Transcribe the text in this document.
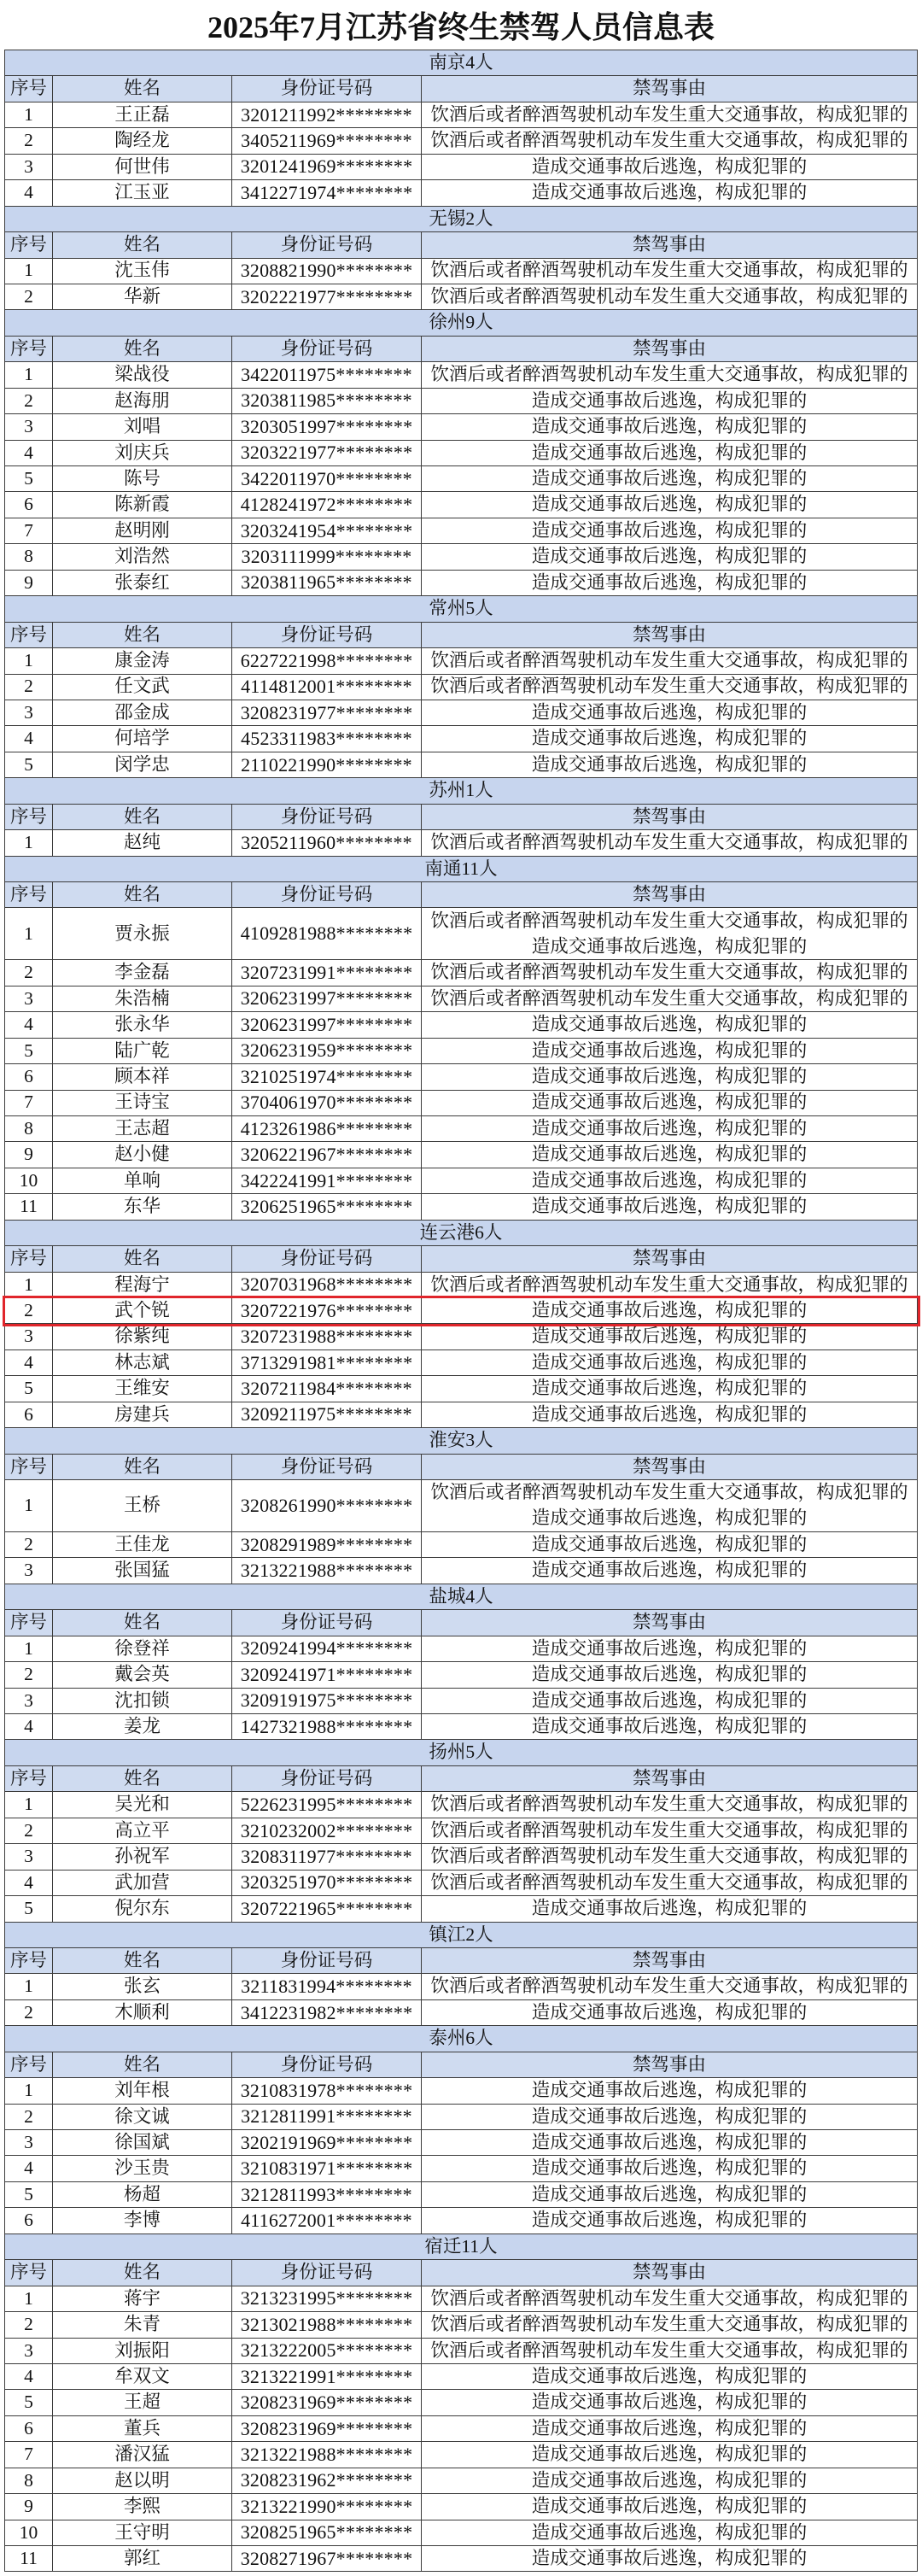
2025年7月江苏省终生禁驾人员信息表
南京4人
序号	姓名	身份证号码	禁驾事由
1	王正磊	3201211992********	饮酒后或者醉酒驾驶机动车发生重大交通事故，构成犯罪的
2	陶经龙	3405211969********	饮酒后或者醉酒驾驶机动车发生重大交通事故，构成犯罪的
3	何世伟	3201241969********	造成交通事故后逃逸，构成犯罪的
4	江玉亚	3412271974********	造成交通事故后逃逸，构成犯罪的
无锡2人
序号	姓名	身份证号码	禁驾事由
1	沈玉伟	3208821990******** 饮酒后或者醉酒驾驶机动车发生重大交通事故，构成犯罪的
2	华新	3202221977******** 饮酒后或者醉酒驾驶机动车发生重大交通事故，构成犯罪的
徐州9人
序号	姓名	身份证号码	禁驾事由
1	梁战役	3422011975********	饮酒后或者醉酒驾驶机动车发生重大交通事故，构成犯罪的
2	赵海朋	3203811985********	造成交通事故后逃逸，构成犯罪的
3	刘唱	3203051997********	造成交通事故后逃逸，构成犯罪的
4	刘庆兵	3203221977********	造成交通事故后逃逸，构成犯罪的
5	陈号	3422011970********	造成交通事故后逃逸，构成犯罪的
6	陈新霞	4128241972********	造成交通事故后逃逸，构成犯罪的
7	赵明刚	3203241954********	造成交通事故后逃逸，构成犯罪的
8	刘浩然	3203111999********	造成交通事故后逃逸，构成犯罪的
9	张泰红	3203811965********	造成交通事故后逃逸，构成犯罪的
常州5人
序号	姓名	身份证号码	禁驾事由
1	康金涛	6227221998******** 饮酒后或者醉酒驾驶机动车发生重大交通事故，构成犯罪的
2	任文武	4114812001********	饮酒后或者醉酒驾驶机动车发生重大交通事故，构成犯罪的
3	邵金成	3208231977********	造成交通事故后逃逸，构成犯罪的
4	何培学	4523311983********	造成交通事故后逃逸，构成犯罪的
5	闵学忠	2110221990********	造成交通事故后逃逸，构成犯罪的
苏州1人
序号	姓名	身份证号码	禁驾事由
1	赵纯	3205211960********	饮酒后或者醉酒驾驶机动车发生重大交通事故，构成犯罪的
南通11人
序号	姓名	身份证号码	禁驾事由
1	贾永振	4109281988********
饮酒后或者醉酒驾驶机动车发生重大交通事故，构成犯罪的
造成交通事故后逃逸，构成犯罪的
2	李金磊	3207231991******** 饮酒后或者醉酒驾驶机动车发生重大交通事故，构成犯罪的
3	朱浩楠	3206231997******** 饮酒后或者醉酒驾驶机动车发生重大交通事故，构成犯罪的
4	张永华	3206231997********	造成交通事故后逃逸，构成犯罪的
5	陆广乾	3206231959********	造成交通事故后逃逸，构成犯罪的
6	顾本祥	3210251974********	造成交通事故后逃逸，构成犯罪的
7	王诗宝	3704061970********	造成交通事故后逃逸，构成犯罪的
8	王志超	4123261986********	造成交通事故后逃逸，构成犯罪的
9	赵小健	3206221967********	造成交通事故后逃逸，构成犯罪的
10	单响	3422241991********	造成交通事故后逃逸，构成犯罪的
11	东华	3206251965********	造成交通事故后逃逸，构成犯罪的
连云港6人
序号	姓名	身份证号码	禁驾事由
1	程海宁	3207031968******** 饮酒后或者醉酒驾驶机动车发生重大交通事故，构成犯罪的
2	武个锐	3207221976********	造成交通事故后逃逸，构成犯罪的
3	徐紫纯	3207231988********	造成交通事故后逃逸，构成犯罪的
4	林志斌	3713291981********	造成交通事故后逃逸，构成犯罪的
5	王维安	3207211984********	造成交通事故后逃逸，构成犯罪的
6	房建兵	3209211975********	造成交通事故后逃逸，构成犯罪的
淮安3人
序号	姓名	身份证号码	禁驾事由
1	王桥	3208261990********
饮酒后或者醉酒驾驶机动车发生重大交通事故，构成犯罪的
造成交通事故后逃逸，构成犯罪的
2	王佳龙	3208291989********	造成交通事故后逃逸，构成犯罪的
3	张国猛	3213221988********	造成交通事故后逃逸，构成犯罪的
盐城4人
序号	姓名	身份证号码	禁驾事由
1	徐登祥	3209241994********	造成交通事故后逃逸，构成犯罪的
2	戴会英	3209241971********	造成交通事故后逃逸，构成犯罪的
3	沈扣锁	3209191975********	造成交通事故后逃逸，构成犯罪的
4	姜龙	1427321988********	造成交通事故后逃逸，构成犯罪的
扬州5人
序号	姓名	身份证号码	禁驾事由
1	吴光和	5226231995******** 饮酒后或者醉酒驾驶机动车发生重大交通事故，构成犯罪的
2	高立平	3210232002******** 饮酒后或者醉酒驾驶机动车发生重大交通事故，构成犯罪的
3	孙祝军	3208311977********	饮酒后或者醉酒驾驶机动车发生重大交通事故，构成犯罪的
4	武加营	3203251970******** 饮酒后或者醉酒驾驶机动车发生重大交通事故，构成犯罪的
5	倪尔东	3207221965********	造成交通事故后逃逸，构成犯罪的
镇江2人
序号	姓名	身份证号码	禁驾事由
1	张玄	3211831994********	饮酒后或者醉酒驾驶机动车发生重大交通事故，构成犯罪的
2	木顺利	3412231982********	造成交通事故后逃逸，构成犯罪的
泰州6人
序号	姓名	身份证号码	禁驾事由
1	刘年根	3210831978********	造成交通事故后逃逸，构成犯罪的
2	徐文诚	3212811991********	造成交通事故后逃逸，构成犯罪的
3	徐国斌	3202191969********	造成交通事故后逃逸，构成犯罪的
4	沙玉贵	3210831971********	造成交通事故后逃逸，构成犯罪的
5	杨超	3212811993********	造成交通事故后逃逸，构成犯罪的
6	李博	4116272001********	造成交通事故后逃逸，构成犯罪的
宿迁11人
序号	姓名	身份证号码	禁驾事由
1	蒋宇	3213231995******** 饮酒后或者醉酒驾驶机动车发生重大交通事故，构成犯罪的
2	朱青	3213021988******** 饮酒后或者醉酒驾驶机动车发生重大交通事故，构成犯罪的
3	刘振阳	3213222005******** 饮酒后或者醉酒驾驶机动车发生重大交通事故，构成犯罪的
4	牟双文	3213221991********	造成交通事故后逃逸，构成犯罪的
5	王超	3208231969********	造成交通事故后逃逸，构成犯罪的
6	董兵	3208231969********	造成交通事故后逃逸，构成犯罪的
7	潘汉猛	3213221988********	造成交通事故后逃逸，构成犯罪的
8	赵以明	3208231962********	造成交通事故后逃逸，构成犯罪的
9	李熙	3213221990********	造成交通事故后逃逸，构成犯罪的
10	王守明	3208251965********	造成交通事故后逃逸，构成犯罪的
11	郭红	3208271967********	造成交通事故后逃逸，构成犯罪的
